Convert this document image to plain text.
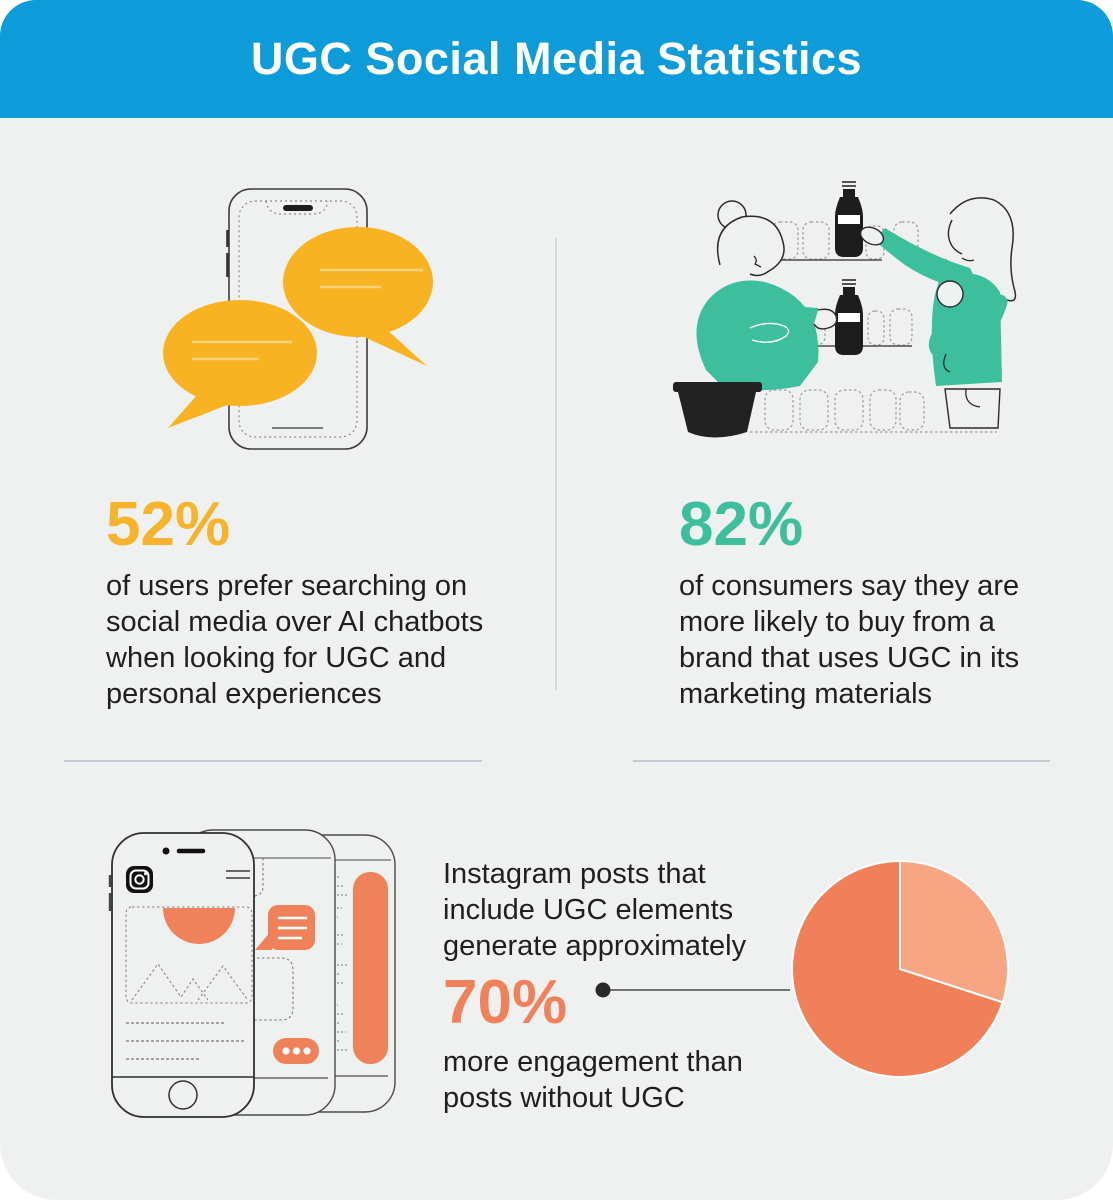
UGC Social Media Statistics
52%
of users prefer searching on
social media over AI chatbots
when looking for UGC and
personal experiences
82%
of consumers say they are
more likely to buy from a
brand that uses UGC in its
marketing materials
Instagram posts that
include UGC elements
generate approximately
70%
more engagement than
posts without UGC
